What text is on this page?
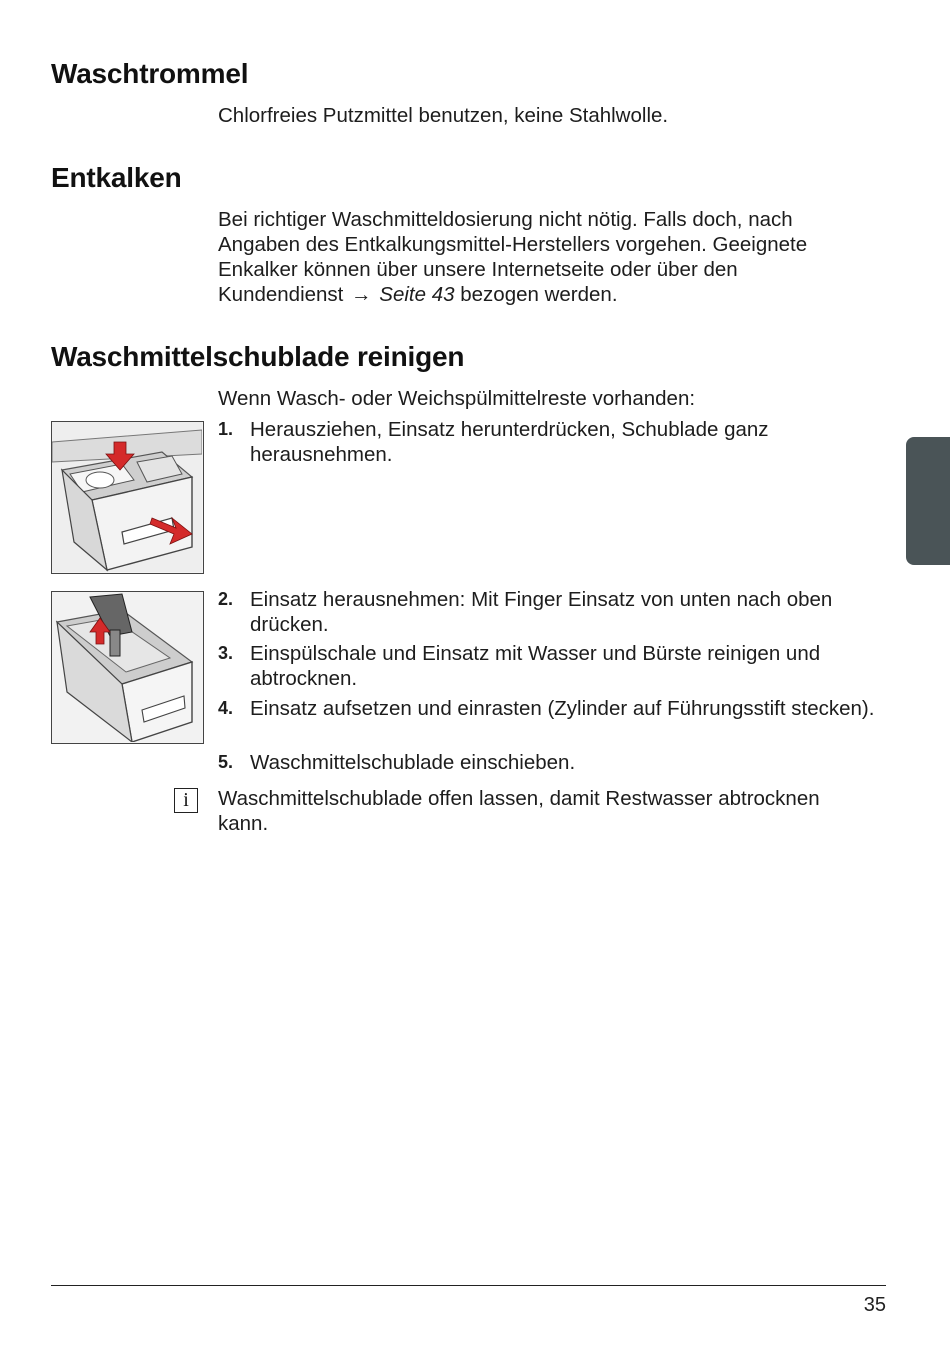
Waschtrommel
Chlorfreies Putzmittel benutzen, keine Stahlwolle.
Entkalken
Bei richtiger Waschmitteldosierung nicht nötig. Falls doch, nach
Angaben des Entkalkungsmittel-Herstellers vorgehen. Geeignete
Enkalker können über unsere Internetseite oder über den
Kundendienst → Seite 43 bezogen werden.
Waschmittelschublade reinigen
Wenn Wasch- oder Weichspülmittelreste vorhanden:
1. Herausziehen, Einsatz herunterdrücken, Schublade ganz herausnehmen.
2. Einsatz herausnehmen: Mit Finger Einsatz von unten nach oben drücken.
3. Einspülschale und Einsatz mit Wasser und Bürste reinigen und abtrocknen.
4. Einsatz aufsetzen und einrasten (Zylinder auf Führungsstift stecken).
5. Waschmittelschublade einschieben.
i	Waschmittelschublade offen lassen, damit Restwasser abtrocknen kann.
35
